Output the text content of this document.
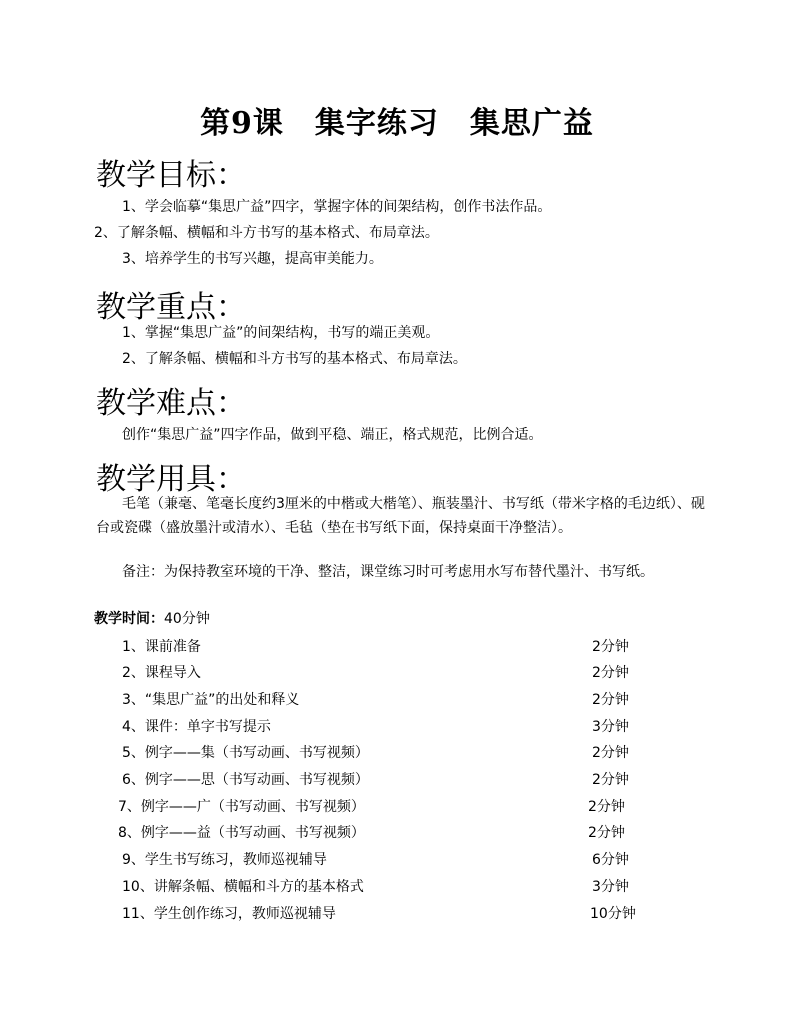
第9课　集字练习　集思广益
教学目标：
1、学会临摹“集思广益”四字，掌握字体的间架结构，创作书法作品。
2、了解条幅、横幅和斗方书写的基本格式、布局章法。
3、培养学生的书写兴趣，提高审美能力。
教学重点：
1、掌握“集思广益”的间架结构，书写的端正美观。
2、了解条幅、横幅和斗方书写的基本格式、布局章法。
教学难点：
创作“集思广益”四字作品，做到平稳、端正，格式规范，比例合适。
教学用具：
毛笔（兼毫、笔毫长度约3厘米的中楷或大楷笔）、瓶装墨汁、书写纸（带米字格的毛边纸）、砚台或瓷碟（盛放墨汁或清水）、毛毡（垫在书写纸下面，保持桌面干净整洁）。
备注：为保持教室环境的干净、整洁，课堂练习时可考虑用水写布替代墨汁、书写纸。
教学时间：40分钟
1、课前准备	2分钟
2、课程导入	2分钟
3、“集思广益”的出处和释义	2分钟
4、课件：单字书写提示	3分钟
5、例字——集（书写动画、书写视频）	2分钟
6、例字——思（书写动画、书写视频）	2分钟
7、例字——广（书写动画、书写视频）	2分钟
8、例字——益（书写动画、书写视频）	2分钟
9、学生书写练习，教师巡视辅导	6分钟
10、讲解条幅、横幅和斗方的基本格式	3分钟
11、学生创作练习，教师巡视辅导	10分钟
